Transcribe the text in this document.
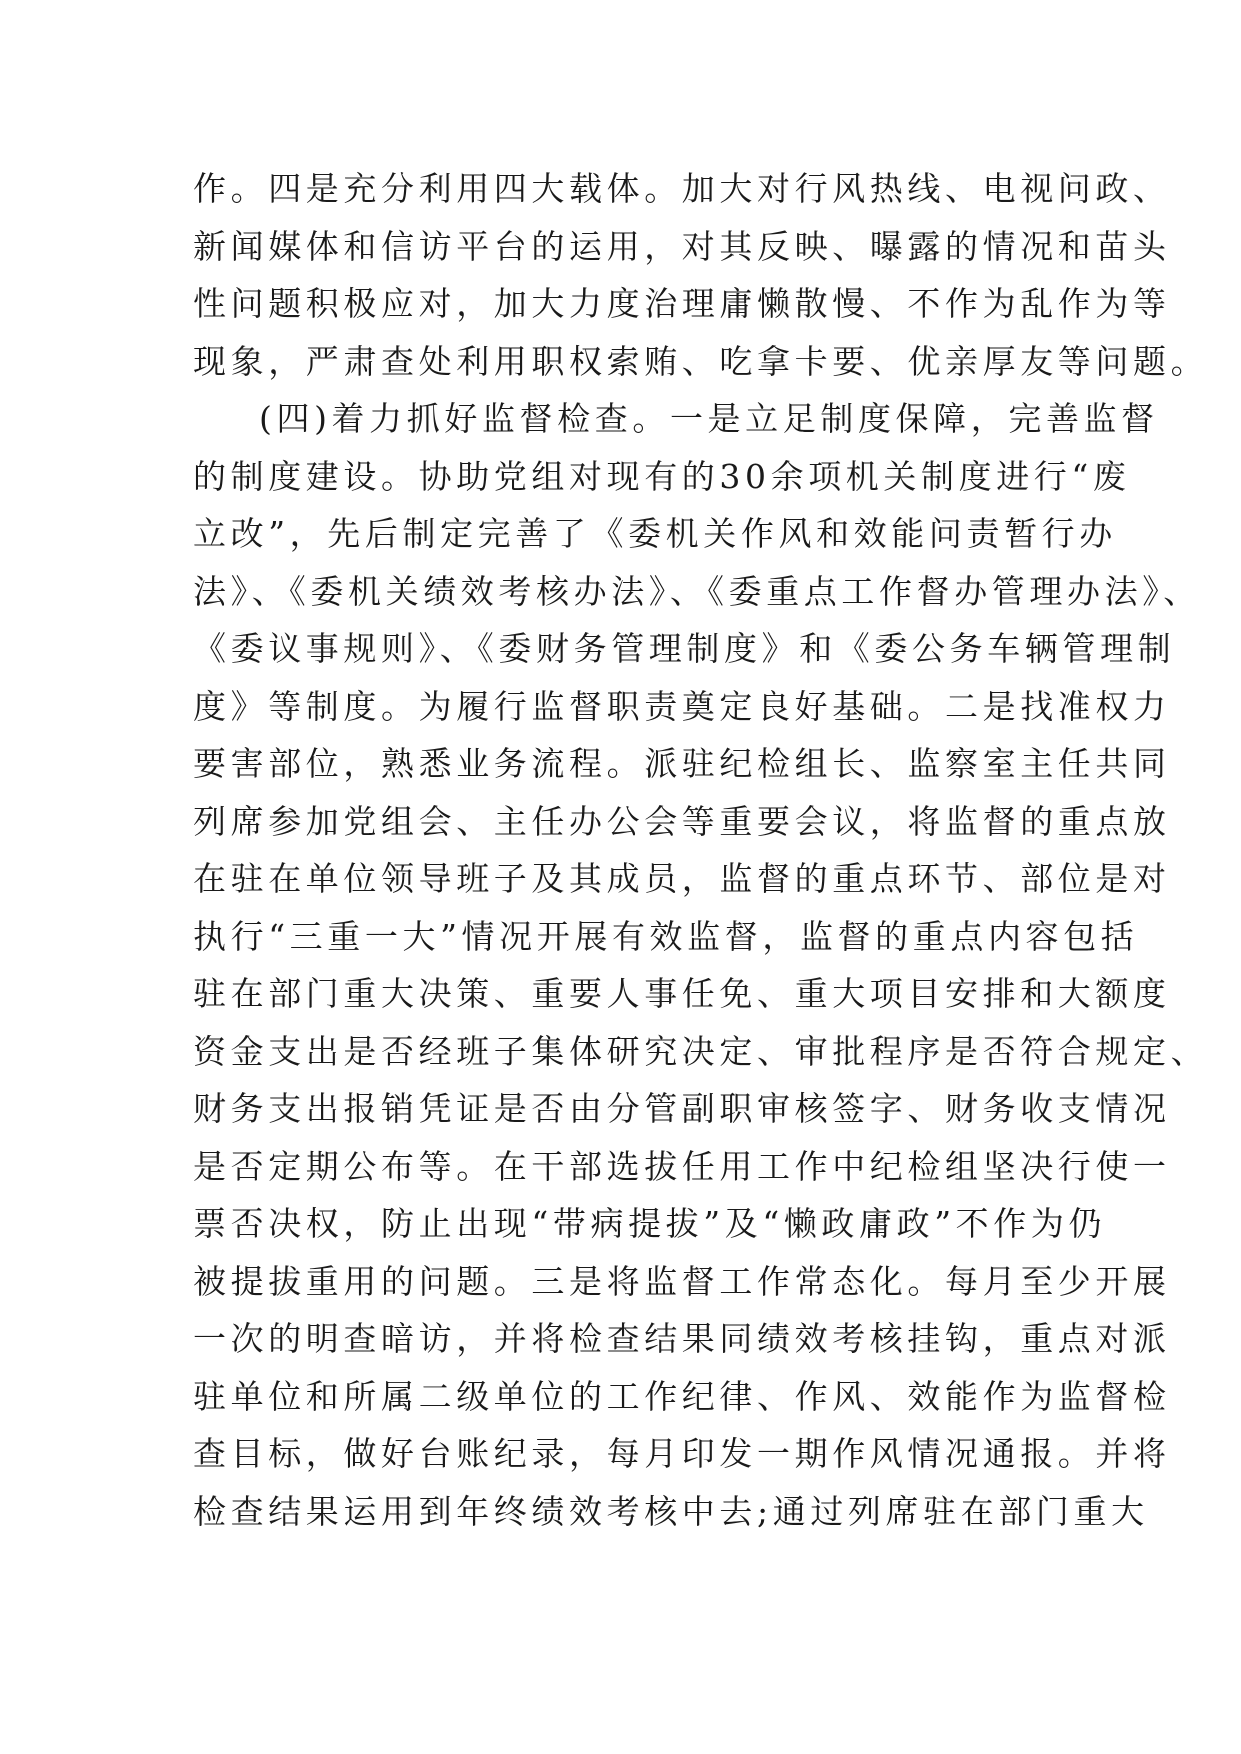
作。四是充分利用四大载体。加大对行风热线、电视问政、
新闻媒体和信访平台的运用，对其反映、曝露的情况和苗头
性问题积极应对，加大力度治理庸懒散慢、不作为乱作为等
现象，严肃查处利用职权索贿、吃拿卡要、优亲厚友等问题。
(四)着力抓好监督检查。一是立足制度保障，完善监督
的制度建设。协助党组对现有的30余项机关制度进行“废
立改”，先后制定完善了《委机关作风和效能问责暂行办
法》、《委机关绩效考核办法》、《委重点工作督办管理办法》、
《委议事规则》、《委财务管理制度》和《委公务车辆管理制
度》等制度。为履行监督职责奠定良好基础。二是找准权力
要害部位，熟悉业务流程。派驻纪检组长、监察室主任共同
列席参加党组会、主任办公会等重要会议，将监督的重点放
在驻在单位领导班子及其成员，监督的重点环节、部位是对
执行“三重一大”情况开展有效监督，监督的重点内容包括
驻在部门重大决策、重要人事任免、重大项目安排和大额度
资金支出是否经班子集体研究决定、审批程序是否符合规定、
财务支出报销凭证是否由分管副职审核签字、财务收支情况
是否定期公布等。在干部选拔任用工作中纪检组坚决行使一
票否决权，防止出现“带病提拔”及“懒政庸政”不作为仍
被提拔重用的问题。三是将监督工作常态化。每月至少开展
一次的明查暗访，并将检查结果同绩效考核挂钩，重点对派
驻单位和所属二级单位的工作纪律、作风、效能作为监督检
查目标，做好台账纪录，每月印发一期作风情况通报。并将
检查结果运用到年终绩效考核中去;通过列席驻在部门重大
